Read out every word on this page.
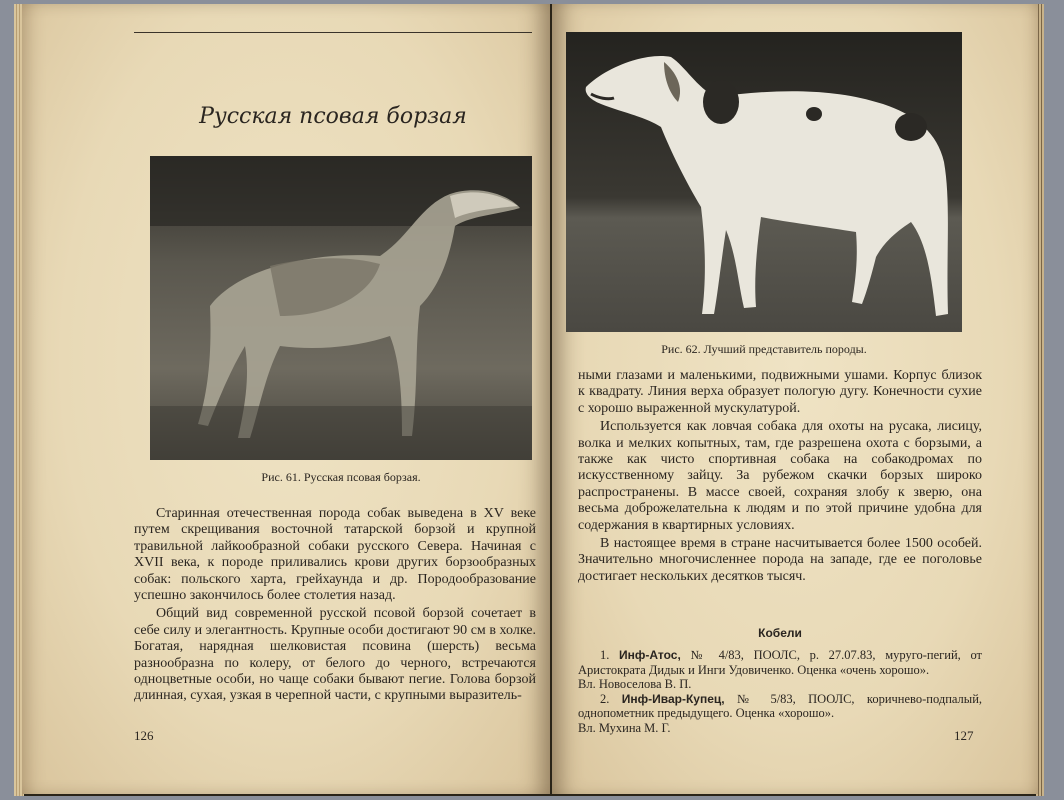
Русская псовая борзая
Рис. 61. Русская псовая борзая.

Старинная отечественная порода собак выведена в XV веке путем скрещивания восточной татарской борзой и крупной травильной лайкообразной собаки русского Севера. Начиная с XVII века, к породе приливались крови других борзообразных собак: польского харта, грейхаунда и др. Породообразование успешно закончилось более столетия назад.

Общий вид современной русской псовой борзой сочетает в себе силу и элегантность. Крупные особи достигают 90 см в холке. Богатая, нарядная шелковистая псовина (шерсть) весьма разнообразна по колеру, от белого до черного, встречаются одноцветные особи, но чаще собаки бывают пегие. Голова борзой длинная, сухая, узкая в черепной части, с крупными выразитель-

126
Рис. 62. Лучший представитель породы.

ными глазами и маленькими, подвижными ушами. Корпус близок к квадрату. Линия верха образует пологую дугу. Конечности сухие с хорошо выраженной мускулатурой.

Используется как ловчая собака для охоты на русака, лисицу, волка и мелких копытных, там, где разрешена охота с борзыми, а также как чисто спортивная собака на собакодромах по искусственному зайцу. За рубежом скачки борзых широко распространены. В массе своей, сохраняя злобу к зверю, она весьма доброжелательна к людям и по этой причине удобна для содержания в квартирных условиях.

В настоящее время в стране насчитывается более 1500 особей. Значительно многочисленнее порода на западе, где ее поголовье достигает нескольких десятков тысяч.

Кобели

1. Инф-Атос, № 4/83, ПООЛС, р. 27.07.83, муруго-пегий, от Аристократа Дидык и Инги Удовиченко. Оценка «очень хорошо».

Вл. Новоселова В. П.

2. Инф-Ивар-Купец, № 5/83, ПООЛС, коричнево-подпалый, однопометник предыдущего. Оценка «хорошо».

Вл. Мухина М. Г.

127
